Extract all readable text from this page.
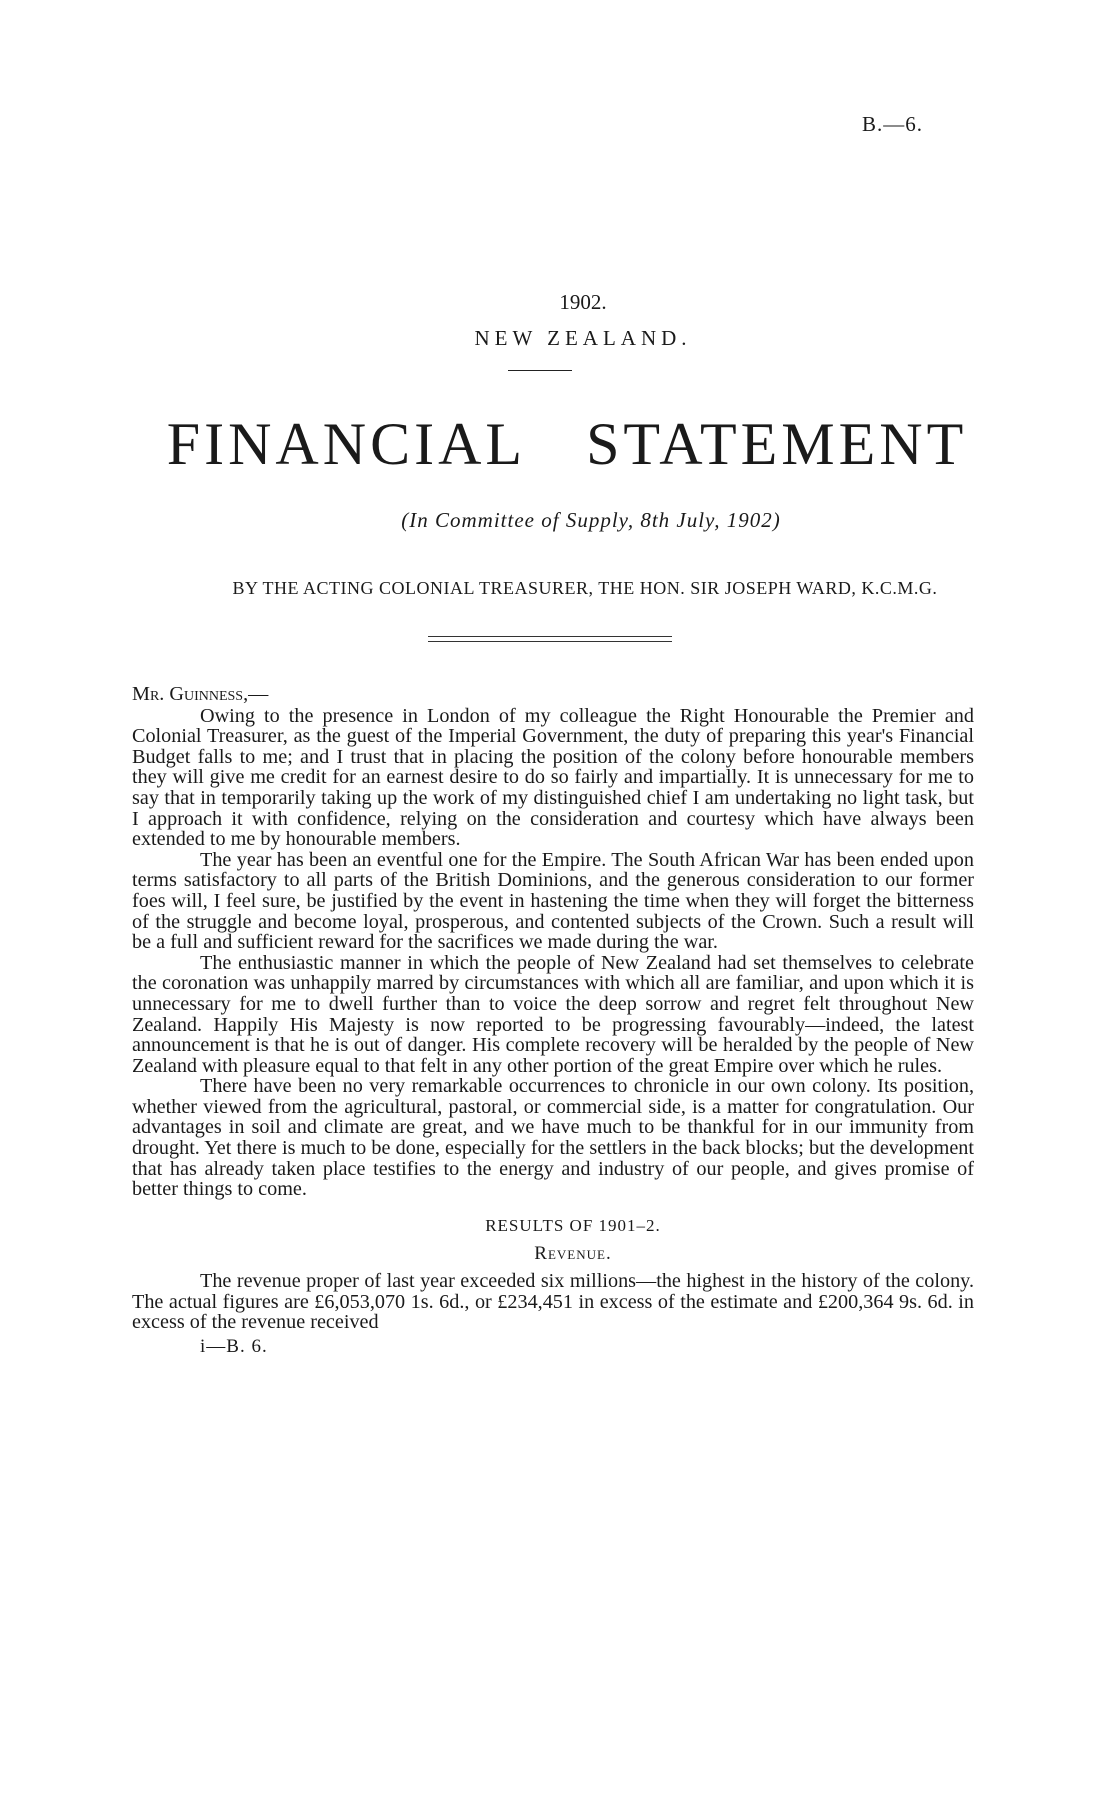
B.—6.
1902.
NEW ZEALAND.
FINANCIAL STATEMENT
(In Committee of Supply, 8th July, 1902)
BY THE ACTING COLONIAL TREASURER, THE HON. SIR JOSEPH WARD, K.C.M.G.

Mr. Guinness,—

Owing to the presence in London of my colleague the Right Honourable the Premier and Colonial Treasurer, as the guest of the Imperial Government, the duty of preparing this year's Financial Budget falls to me; and I trust that in placing the position of the colony before honourable members they will give me credit for an earnest desire to do so fairly and impartially. It is unnecessary for me to say that in temporarily taking up the work of my distinguished chief I am undertaking no light task, but I approach it with confidence, relying on the consideration and courtesy which have always been extended to me by honourable members.

The year has been an eventful one for the Empire. The South African War has been ended upon terms satisfactory to all parts of the British Dominions, and the generous consideration to our former foes will, I feel sure, be justified by the event in hastening the time when they will forget the bitterness of the struggle and become loyal, prosperous, and contented subjects of the Crown. Such a result will be a full and sufficient reward for the sacrifices we made during the war.

The enthusiastic manner in which the people of New Zealand had set themselves to celebrate the coronation was unhappily marred by circumstances with which all are familiar, and upon which it is unnecessary for me to dwell further than to voice the deep sorrow and regret felt throughout New Zealand. Happily His Majesty is now reported to be progressing favourably—indeed, the latest announcement is that he is out of danger. His complete recovery will be heralded by the people of New Zealand with pleasure equal to that felt in any other portion of the great Empire over which he rules.

There have been no very remarkable occurrences to chronicle in our own colony. Its position, whether viewed from the agricultural, pastoral, or commercial side, is a matter for congratulation. Our advantages in soil and climate are great, and we have much to be thankful for in our immunity from drought. Yet there is much to be done, especially for the settlers in the back blocks; but the development that has already taken place testifies to the energy and industry of our people, and gives promise of better things to come.

RESULTS OF 1901–2.
Revenue.

The revenue proper of last year exceeded six millions—the highest in the history of the colony. The actual figures are £6,053,070 1s. 6d., or £234,451 in excess of the estimate and £200,364 9s. 6d. in excess of the revenue received

i—B. 6.
